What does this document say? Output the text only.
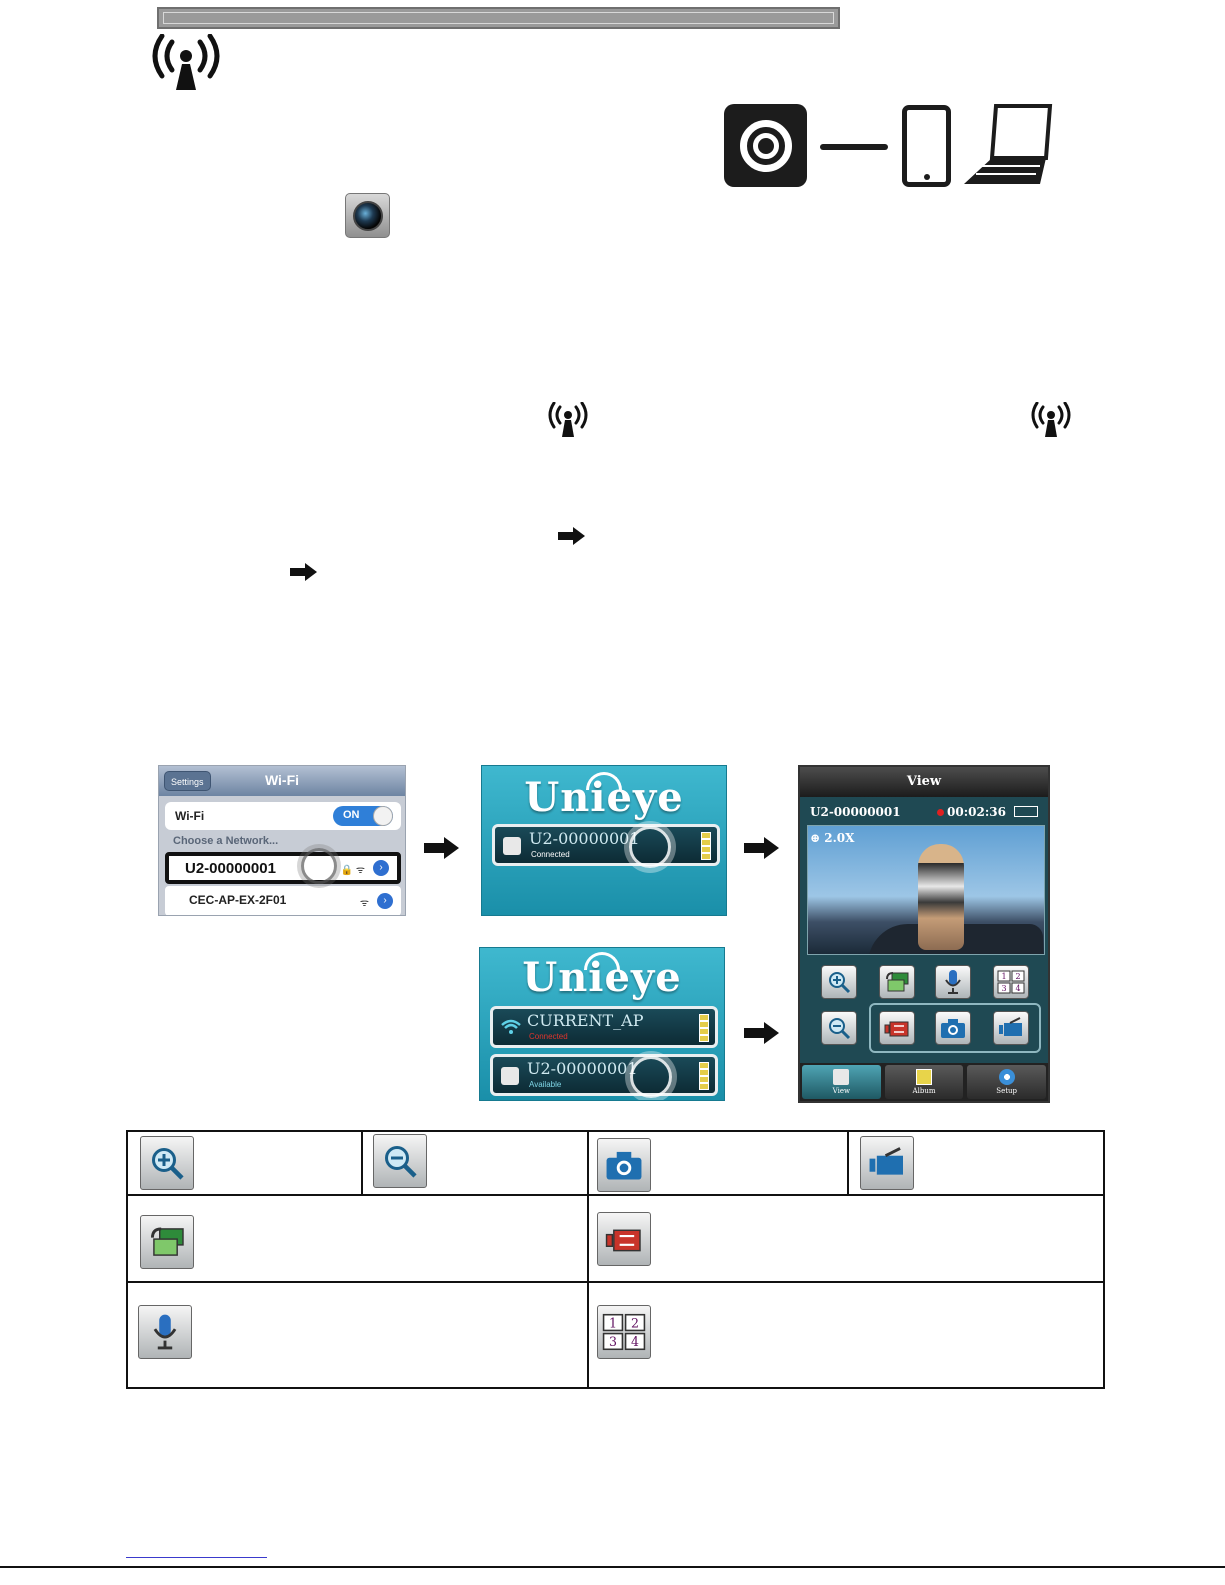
Settings	Wi-Fi
Wi-Fi	ON
Choose a Network...
U2-00000001	🔒 ᯤ	›
CEC-AP-EX-2F01	ᯤ	›
Unieye
U2-00000001
Connected
Unieye
CURRENT_AP
Connected
U2-00000001
Available
View
U2-00000001	00:02:36
⊕ 2.0X
1 2
3 4
View	Album	Setup
1 2
3 4
